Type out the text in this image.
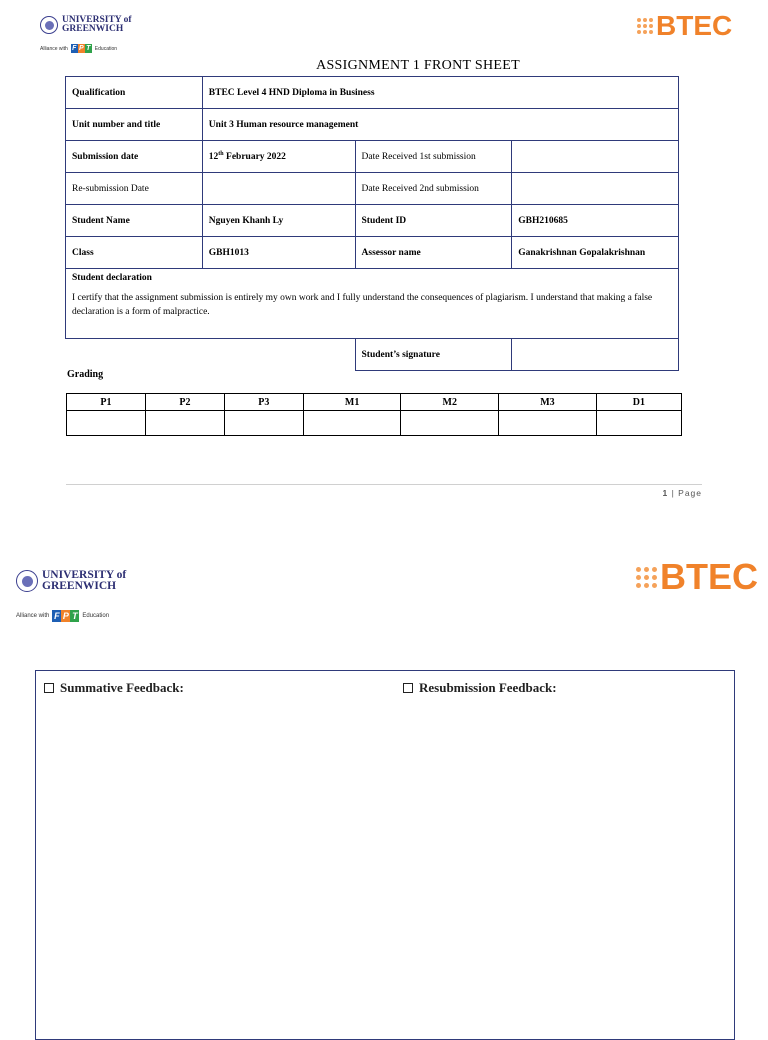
UNIVERSITY of
GREENWICH
Alliance with F P T Education
BTEC
ASSIGNMENT 1 FRONT SHEET
Qualification	BTEC Level 4 HND Diploma in Business		
Unit number and title	Unit 3 Human resource management		
Submission date	12th February 2022	Date Received 1st submission	
Re-submission Date		Date Received 2nd submission	
Student Name	Nguyen Khanh Ly	Student ID	GBH210685
Class	GBH1013	Assessor name	Ganakrishnan Gopalakrishnan

Student declaration
I certify that the assignment submission is entirely my own work and I fully understand the consequences of plagiarism. I understand that making a false declaration is a form of malpractice.			

		Student’s signature	
Grading
P1	P2	P3	M1	M2	M3	D1

1 | Page
UNIVERSITY of
GREENWICH
Alliance with F P T Education
BTEC
Summative Feedback:	Resubmission Feedback:
